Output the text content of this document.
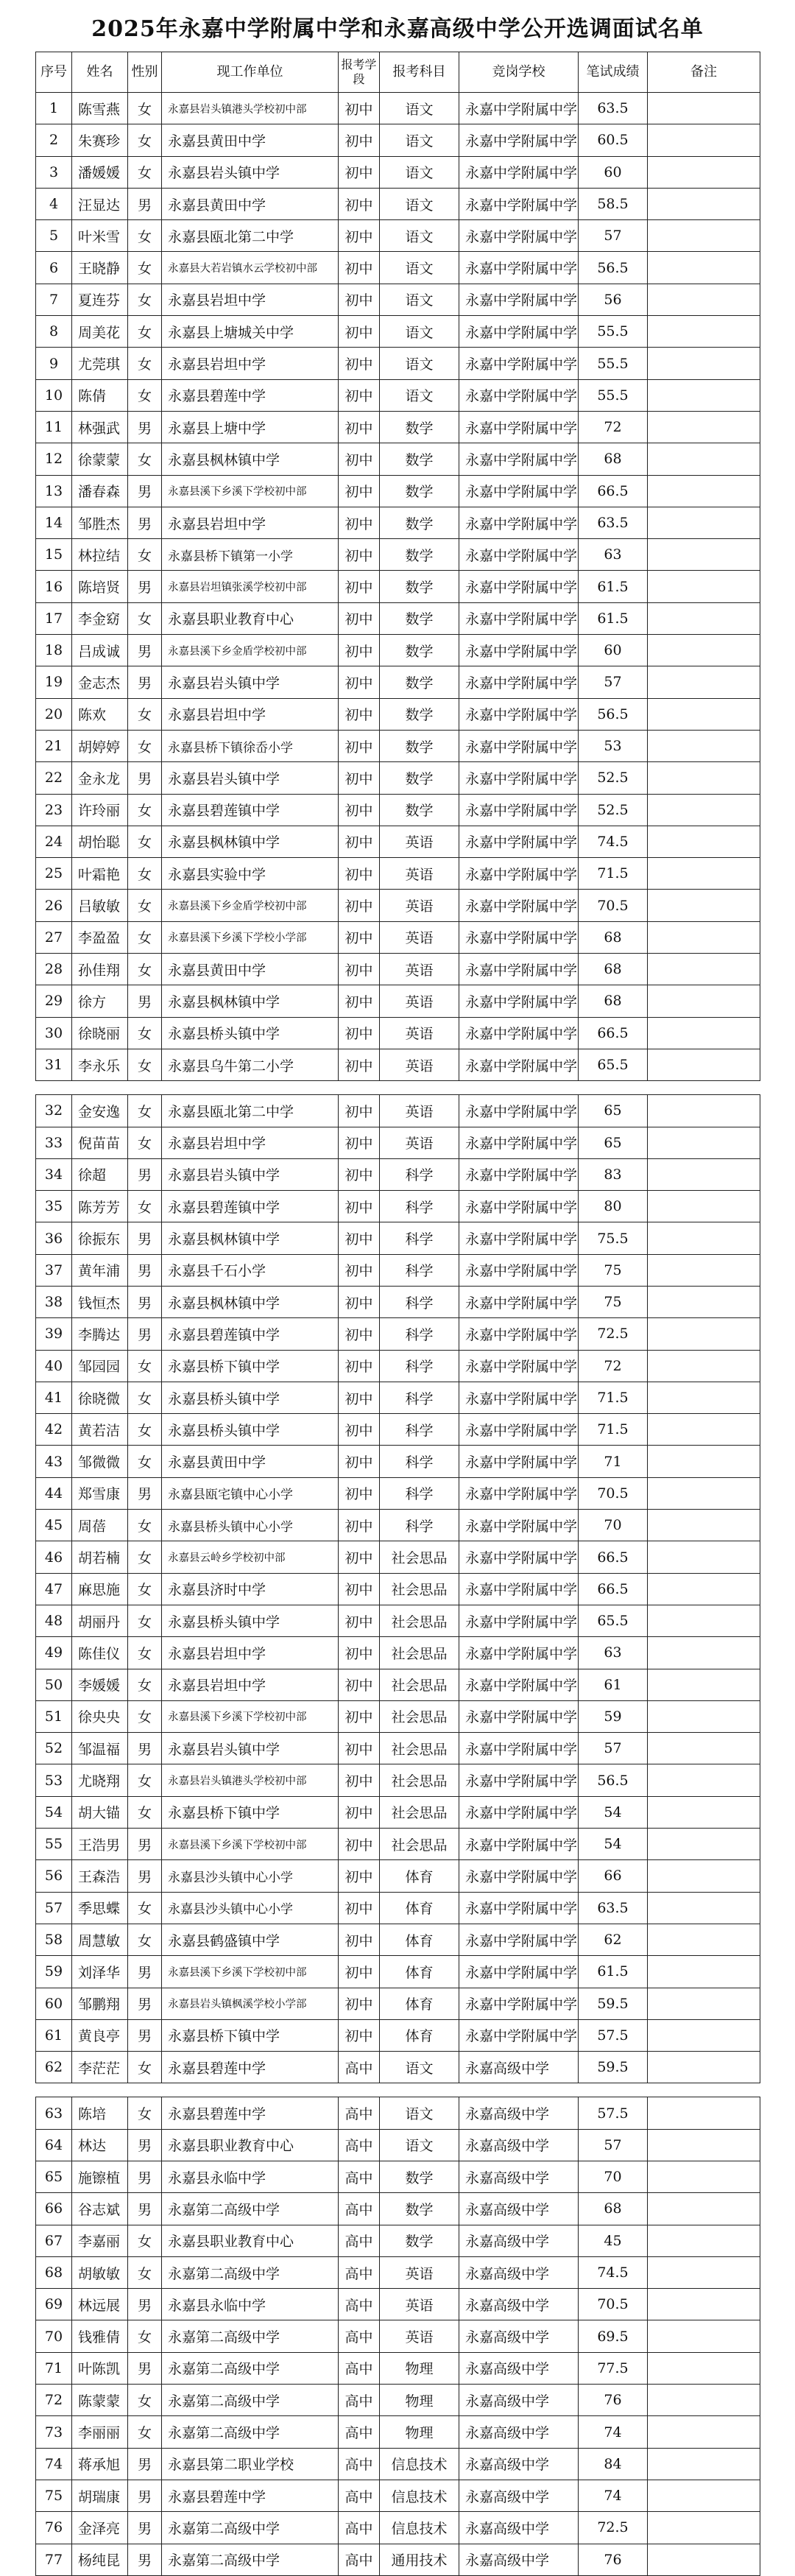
2025年永嘉中学附属中学和永嘉高级中学公开选调面试名单
序号	姓名	性别	现工作单位	报考学段	报考科目	竞岗学校	笔试成绩	备注
1	陈雪燕	女	永嘉县岩头镇港头学校初中部	初中	语文	永嘉中学附属中学	63.5	
2	朱赛珍	女	永嘉县黄田中学	初中	语文	永嘉中学附属中学	60.5	
3	潘媛媛	女	永嘉县岩头镇中学	初中	语文	永嘉中学附属中学	60	
4	汪显达	男	永嘉县黄田中学	初中	语文	永嘉中学附属中学	58.5	
5	叶米雪	女	永嘉县瓯北第二中学	初中	语文	永嘉中学附属中学	57	
6	王晓静	女	永嘉县大若岩镇水云学校初中部	初中	语文	永嘉中学附属中学	56.5	
7	夏连芬	女	永嘉县岩坦中学	初中	语文	永嘉中学附属中学	56	
8	周美花	女	永嘉县上塘城关中学	初中	语文	永嘉中学附属中学	55.5	
9	尤莞琪	女	永嘉县岩坦中学	初中	语文	永嘉中学附属中学	55.5	
10	陈倩	女	永嘉县碧莲中学	初中	语文	永嘉中学附属中学	55.5	
11	林强武	男	永嘉县上塘中学	初中	数学	永嘉中学附属中学	72	
12	徐蒙蒙	女	永嘉县枫林镇中学	初中	数学	永嘉中学附属中学	68	
13	潘春森	男	永嘉县溪下乡溪下学校初中部	初中	数学	永嘉中学附属中学	66.5	
14	邹胜杰	男	永嘉县岩坦中学	初中	数学	永嘉中学附属中学	63.5	
15	林拉结	女	永嘉县桥下镇第一小学	初中	数学	永嘉中学附属中学	63	
16	陈培贤	男	永嘉县岩坦镇张溪学校初中部	初中	数学	永嘉中学附属中学	61.5	
17	李金窈	女	永嘉县职业教育中心	初中	数学	永嘉中学附属中学	61.5	
18	吕成诚	男	永嘉县溪下乡金盾学校初中部	初中	数学	永嘉中学附属中学	60	
19	金志杰	男	永嘉县岩头镇中学	初中	数学	永嘉中学附属中学	57	
20	陈欢	女	永嘉县岩坦中学	初中	数学	永嘉中学附属中学	56.5	
21	胡婷婷	女	永嘉县桥下镇徐岙小学	初中	数学	永嘉中学附属中学	53	
22	金永龙	男	永嘉县岩头镇中学	初中	数学	永嘉中学附属中学	52.5	
23	许玲丽	女	永嘉县碧莲镇中学	初中	数学	永嘉中学附属中学	52.5	
24	胡怡聪	女	永嘉县枫林镇中学	初中	英语	永嘉中学附属中学	74.5	
25	叶霜艳	女	永嘉县实验中学	初中	英语	永嘉中学附属中学	71.5	
26	吕敏敏	女	永嘉县溪下乡金盾学校初中部	初中	英语	永嘉中学附属中学	70.5	
27	李盈盈	女	永嘉县溪下乡溪下学校小学部	初中	英语	永嘉中学附属中学	68	
28	孙佳翔	女	永嘉县黄田中学	初中	英语	永嘉中学附属中学	68	
29	徐方	男	永嘉县枫林镇中学	初中	英语	永嘉中学附属中学	68	
30	徐晓丽	女	永嘉县桥头镇中学	初中	英语	永嘉中学附属中学	66.5	
31	李永乐	女	永嘉县乌牛第二小学	初中	英语	永嘉中学附属中学	65.5	
32	金安逸	女	永嘉县瓯北第二中学	初中	英语	永嘉中学附属中学	65	
33	倪苗苗	女	永嘉县岩坦中学	初中	英语	永嘉中学附属中学	65	
34	徐超	男	永嘉县岩头镇中学	初中	科学	永嘉中学附属中学	83	
35	陈芳芳	女	永嘉县碧莲镇中学	初中	科学	永嘉中学附属中学	80	
36	徐振东	男	永嘉县枫林镇中学	初中	科学	永嘉中学附属中学	75.5	
37	黄年浦	男	永嘉县千石小学	初中	科学	永嘉中学附属中学	75	
38	钱恒杰	男	永嘉县枫林镇中学	初中	科学	永嘉中学附属中学	75	
39	李腾达	男	永嘉县碧莲镇中学	初中	科学	永嘉中学附属中学	72.5	
40	邹园园	女	永嘉县桥下镇中学	初中	科学	永嘉中学附属中学	72	
41	徐晓微	女	永嘉县桥头镇中学	初中	科学	永嘉中学附属中学	71.5	
42	黄若洁	女	永嘉县桥头镇中学	初中	科学	永嘉中学附属中学	71.5	
43	邹微微	女	永嘉县黄田中学	初中	科学	永嘉中学附属中学	71	
44	郑雪康	男	永嘉县瓯宅镇中心小学	初中	科学	永嘉中学附属中学	70.5	
45	周蓓	女	永嘉县桥头镇中心小学	初中	科学	永嘉中学附属中学	70	
46	胡若楠	女	永嘉县云岭乡学校初中部	初中	社会思品	永嘉中学附属中学	66.5	
47	麻思施	女	永嘉县济时中学	初中	社会思品	永嘉中学附属中学	66.5	
48	胡丽丹	女	永嘉县桥头镇中学	初中	社会思品	永嘉中学附属中学	65.5	
49	陈佳仪	女	永嘉县岩坦中学	初中	社会思品	永嘉中学附属中学	63	
50	李媛媛	女	永嘉县岩坦中学	初中	社会思品	永嘉中学附属中学	61	
51	徐央央	女	永嘉县溪下乡溪下学校初中部	初中	社会思品	永嘉中学附属中学	59	
52	邹温福	男	永嘉县岩头镇中学	初中	社会思品	永嘉中学附属中学	57	
53	尤晓翔	女	永嘉县岩头镇港头学校初中部	初中	社会思品	永嘉中学附属中学	56.5	
54	胡大锚	女	永嘉县桥下镇中学	初中	社会思品	永嘉中学附属中学	54	
55	王浩男	男	永嘉县溪下乡溪下学校初中部	初中	社会思品	永嘉中学附属中学	54	
56	王森浩	男	永嘉县沙头镇中心小学	初中	体育	永嘉中学附属中学	66	
57	季思蝶	女	永嘉县沙头镇中心小学	初中	体育	永嘉中学附属中学	63.5	
58	周慧敏	女	永嘉县鹤盛镇中学	初中	体育	永嘉中学附属中学	62	
59	刘泽华	男	永嘉县溪下乡溪下学校初中部	初中	体育	永嘉中学附属中学	61.5	
60	邹鹏翔	男	永嘉县岩头镇枫溪学校小学部	初中	体育	永嘉中学附属中学	59.5	
61	黄良亭	男	永嘉县桥下镇中学	初中	体育	永嘉中学附属中学	57.5	
62	李茫茫	女	永嘉县碧莲中学	高中	语文	永嘉高级中学	59.5	
63	陈培	女	永嘉县碧莲中学	高中	语文	永嘉高级中学	57.5	
64	林达	男	永嘉县职业教育中心	高中	语文	永嘉高级中学	57	
65	施镲植	男	永嘉县永临中学	高中	数学	永嘉高级中学	70	
66	谷志斌	男	永嘉第二高级中学	高中	数学	永嘉高级中学	68	
67	李嘉丽	女	永嘉县职业教育中心	高中	数学	永嘉高级中学	45	
68	胡敏敏	女	永嘉第二高级中学	高中	英语	永嘉高级中学	74.5	
69	林远展	男	永嘉县永临中学	高中	英语	永嘉高级中学	70.5	
70	钱雅倩	女	永嘉第二高级中学	高中	英语	永嘉高级中学	69.5	
71	叶陈凯	男	永嘉第二高级中学	高中	物理	永嘉高级中学	77.5	
72	陈蒙蒙	女	永嘉第二高级中学	高中	物理	永嘉高级中学	76	
73	李丽丽	女	永嘉第二高级中学	高中	物理	永嘉高级中学	74	
74	蒋承旭	男	永嘉县第二职业学校	高中	信息技术	永嘉高级中学	84	
75	胡瑞康	男	永嘉县碧莲中学	高中	信息技术	永嘉高级中学	74	
76	金泽亮	男	永嘉第二高级中学	高中	信息技术	永嘉高级中学	72.5	
77	杨纯昆	男	永嘉第二高级中学	高中	通用技术	永嘉高级中学	76	
